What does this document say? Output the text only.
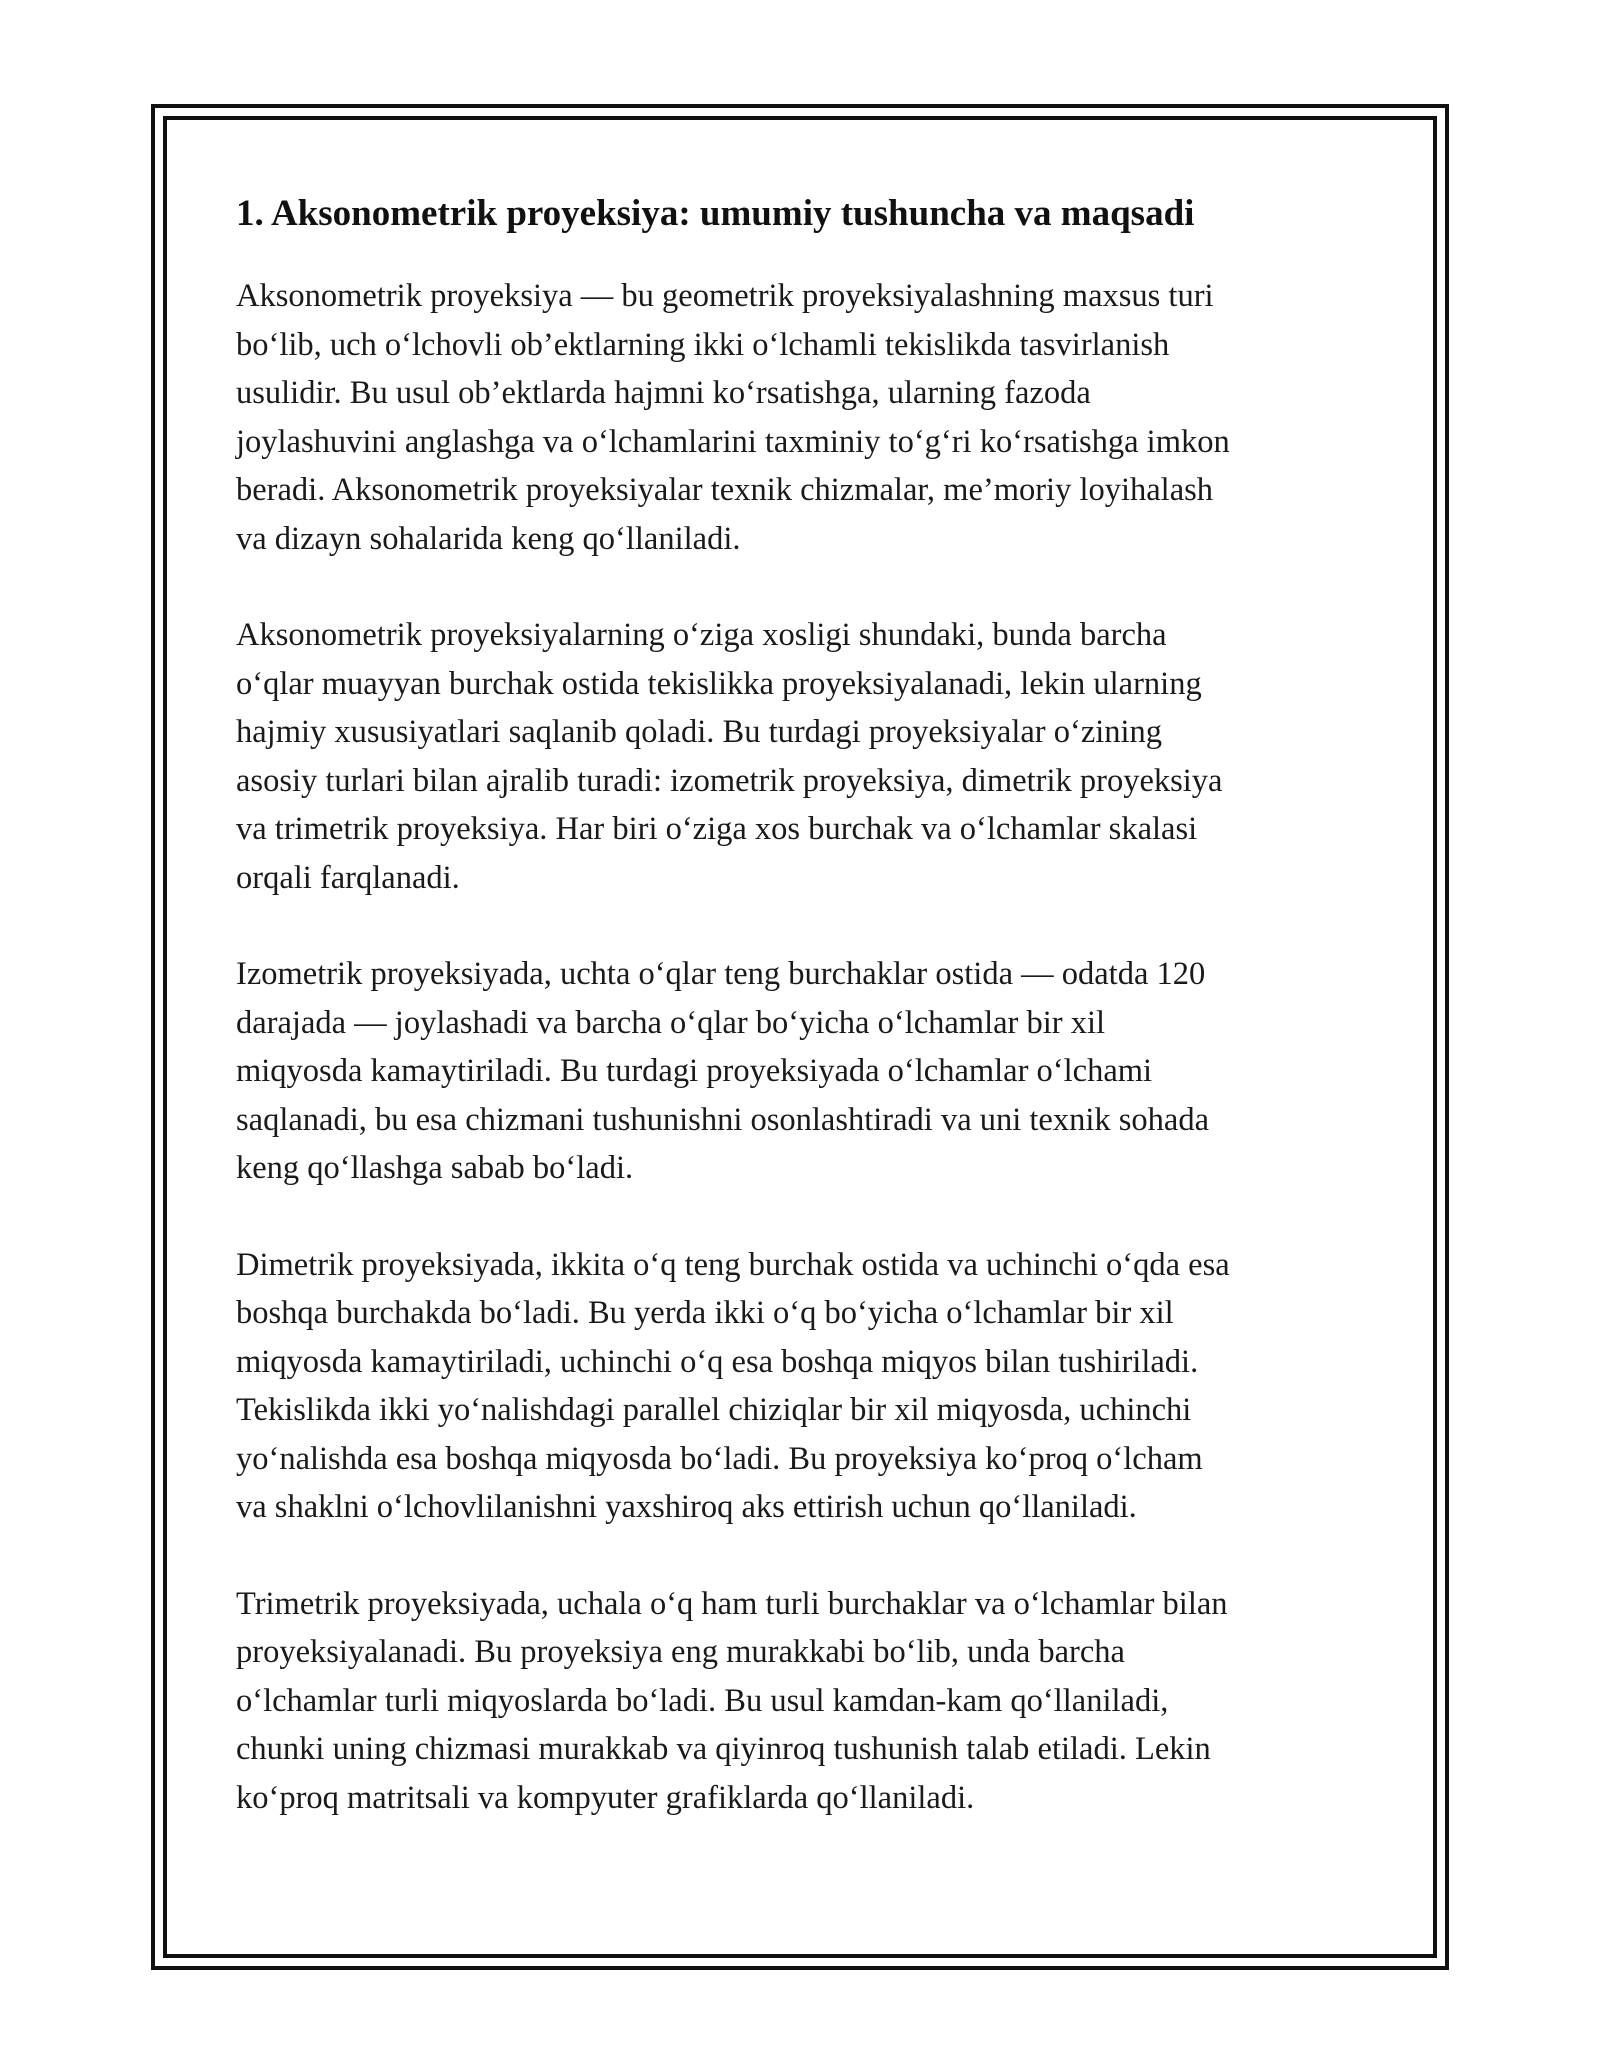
1. Aksonometrik proyeksiya: umumiy tushuncha va maqsadi

Aksonometrik proyeksiya — bu geometrik proyeksiyalashning maxsus turi
bo‘lib, uch o‘lchovli ob’ektlarning ikki o‘lchamli tekislikda tasvirlanish
usulidir. Bu usul ob’ektlarda hajmni ko‘rsatishga, ularning fazoda
joylashuvini anglashga va o‘lchamlarini taxminiy to‘g‘ri ko‘rsatishga imkon
beradi. Aksonometrik proyeksiyalar texnik chizmalar, me’moriy loyihalash
va dizayn sohalarida keng qo‘llaniladi.

Aksonometrik proyeksiyalarning o‘ziga xosligi shundaki, bunda barcha
o‘qlar muayyan burchak ostida tekislikka proyeksiyalanadi, lekin ularning
hajmiy xususiyatlari saqlanib qoladi. Bu turdagi proyeksiyalar o‘zining
asosiy turlari bilan ajralib turadi: izometrik proyeksiya, dimetrik proyeksiya
va trimetrik proyeksiya. Har biri o‘ziga xos burchak va o‘lchamlar skalasi
orqali farqlanadi.

Izometrik proyeksiyada, uchta o‘qlar teng burchaklar ostida — odatda 120
darajada — joylashadi va barcha o‘qlar bo‘yicha o‘lchamlar bir xil
miqyosda kamaytiriladi. Bu turdagi proyeksiyada o‘lchamlar o‘lchami
saqlanadi, bu esa chizmani tushunishni osonlashtiradi va uni texnik sohada
keng qo‘llashga sabab bo‘ladi.

Dimetrik proyeksiyada, ikkita o‘q teng burchak ostida va uchinchi o‘qda esa
boshqa burchakda bo‘ladi. Bu yerda ikki o‘q bo‘yicha o‘lchamlar bir xil
miqyosda kamaytiriladi, uchinchi o‘q esa boshqa miqyos bilan tushiriladi.
Tekislikda ikki yo‘nalishdagi parallel chiziqlar bir xil miqyosda, uchinchi
yo‘nalishda esa boshqa miqyosda bo‘ladi. Bu proyeksiya ko‘proq o‘lcham
va shaklni o‘lchovlilanishni yaxshiroq aks ettirish uchun qo‘llaniladi.

Trimetrik proyeksiyada, uchala o‘q ham turli burchaklar va o‘lchamlar bilan
proyeksiyalanadi. Bu proyeksiya eng murakkabi bo‘lib, unda barcha
o‘lchamlar turli miqyoslarda bo‘ladi. Bu usul kamdan-kam qo‘llaniladi,
chunki uning chizmasi murakkab va qiyinroq tushunish talab etiladi. Lekin
ko‘proq matritsali va kompyuter grafiklarda qo‘llaniladi.
